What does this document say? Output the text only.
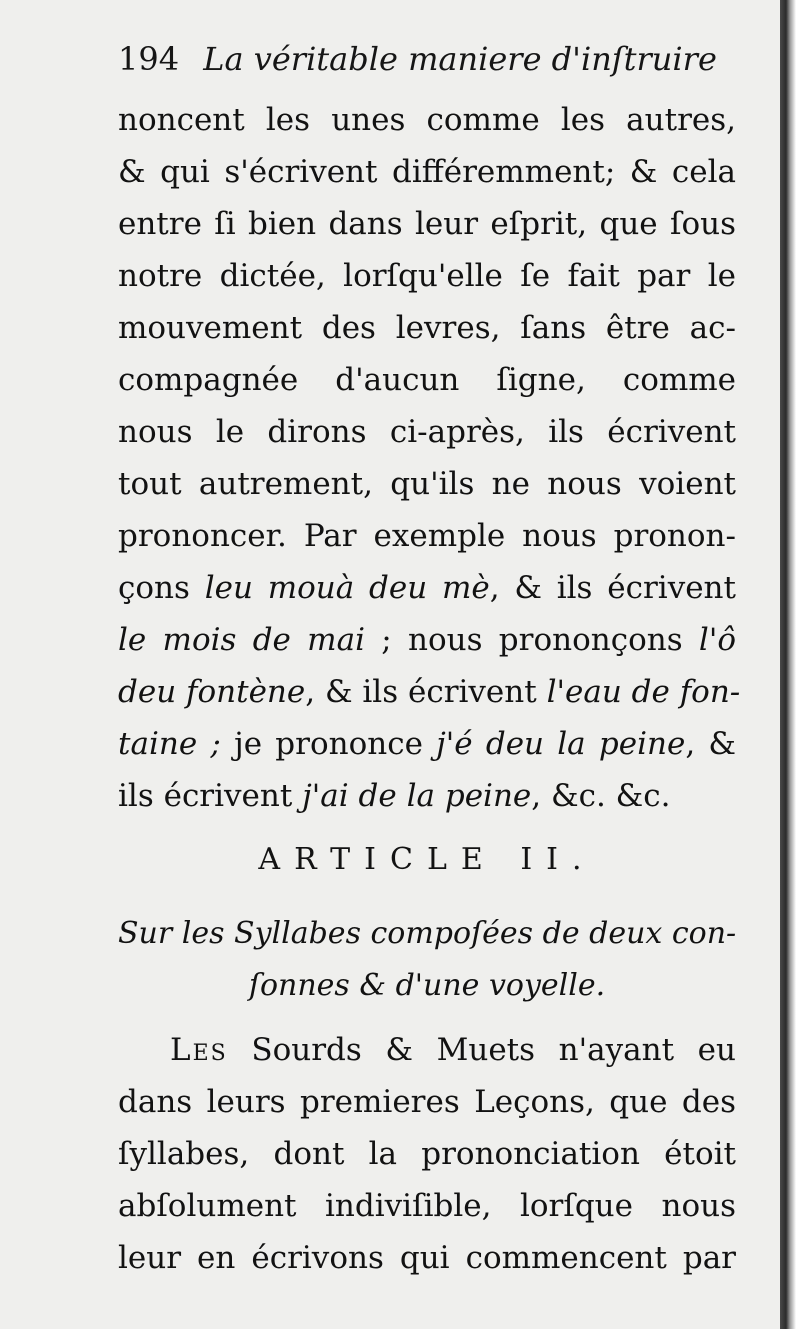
194 La véritable maniere d'inſtruire
noncent les unes comme les autres,
& qui s'écrivent différemment; & cela
entre ſi bien dans leur eſprit, que ſous
notre dictée, lorſqu'elle ſe fait par le
mouvement des levres, ſans être ac-
compagnée d'aucun ſigne, comme
nous le dirons ci-après, ils écrivent
tout autrement, qu'ils ne nous voient
prononcer. Par exemple nous pronon-
çons leu mouà deu mè, & ils écrivent
le mois de mai ; nous prononçons l'ô
deu fontène, & ils écrivent l'eau de fon-
taine ; je prononce j'é deu la peine, &
ils écrivent j'ai de la peine, &c. &c.
ARTICLE II.
Sur les Syllabes compoſées de deux con-
ſonnes & d'une voyelle.
Les Sourds & Muets n'ayant eu
dans leurs premieres Leçons, que des
ſyllabes, dont la prononciation étoit
abſolument indiviſible, lorſque nous
leur en écrivons qui commencent par
